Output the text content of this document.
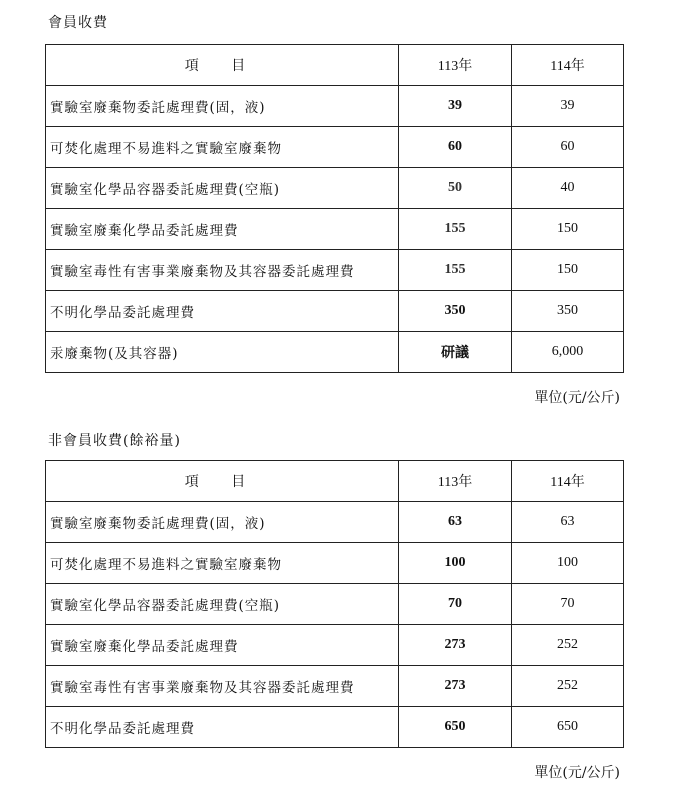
會員收費
項 目	113年	114年
實驗室廢棄物委託處理費(固，液)	39	39
可焚化處理不易進料之實驗室廢棄物	60	60
實驗室化學品容器委託處理費(空瓶)	50	40
實驗室廢棄化學品委託處理費	155	150
實驗室毒性有害事業廢棄物及其容器委託處理費	155	150
不明化學品委託處理費	350	350
汞廢棄物(及其容器)	研議	6,000
單位(元/公斤)
非會員收費(餘裕量)
項 目	113年	114年
實驗室廢棄物委託處理費(固，液)	63	63
可焚化處理不易進料之實驗室廢棄物	100	100
實驗室化學品容器委託處理費(空瓶)	70	70
實驗室廢棄化學品委託處理費	273	252
實驗室毒性有害事業廢棄物及其容器委託處理費	273	252
不明化學品委託處理費	650	650
單位(元/公斤)
